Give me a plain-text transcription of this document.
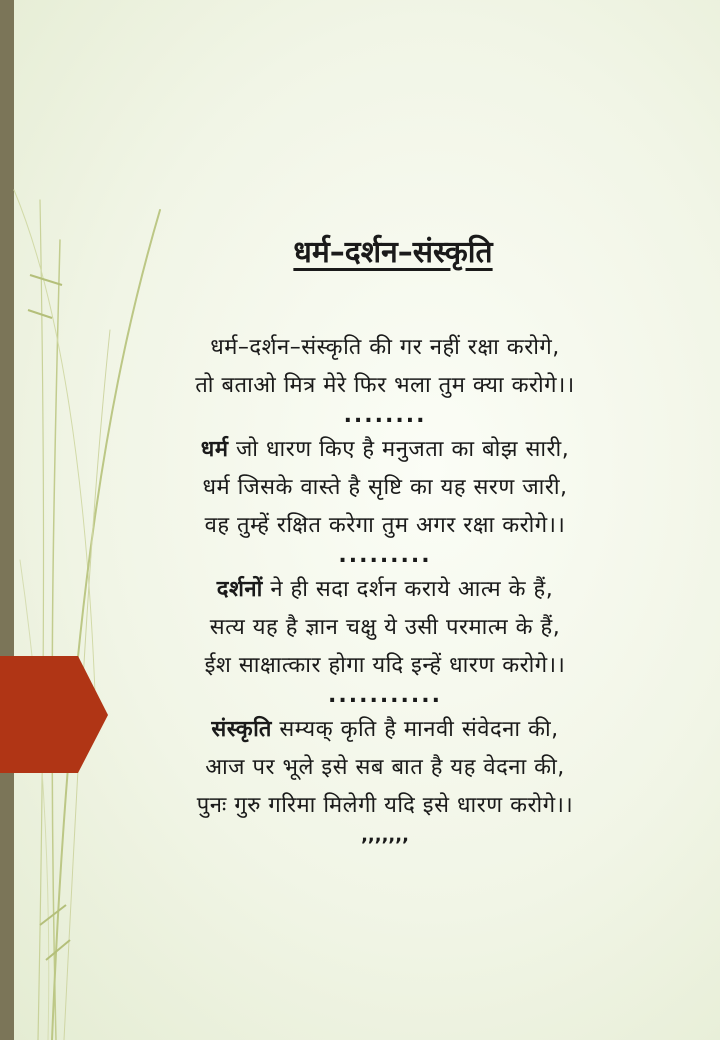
धर्म–दर्शन–संस्कृति
धर्म–दर्शन–संस्कृति की गर नहीं रक्षा करोगे,
तो बताओ मित्र मेरे फिर भला तुम क्या करोगे।।
........
धर्म जो धारण किए है मनुजता का बोझ सारी,
धर्म जिसके वास्ते है सृष्टि का यह सरण जारी,
वह तुम्हें रक्षित करेगा तुम अगर रक्षा करोगे।।
.........
दर्शनों ने ही सदा दर्शन कराये आत्म के हैं,
सत्य यह है ज्ञान चक्षु ये उसी परमात्म के हैं,
ईश साक्षात्कार होगा यदि इन्हें धारण करोगे।।
...........
संस्कृति सम्यक् कृति है मानवी संवेदना की,
आज पर भूले इसे सब बात है यह वेदना की,
पुनः गुरु गरिमा मिलेगी यदि इसे धारण करोगे।।
,,,,,,,
